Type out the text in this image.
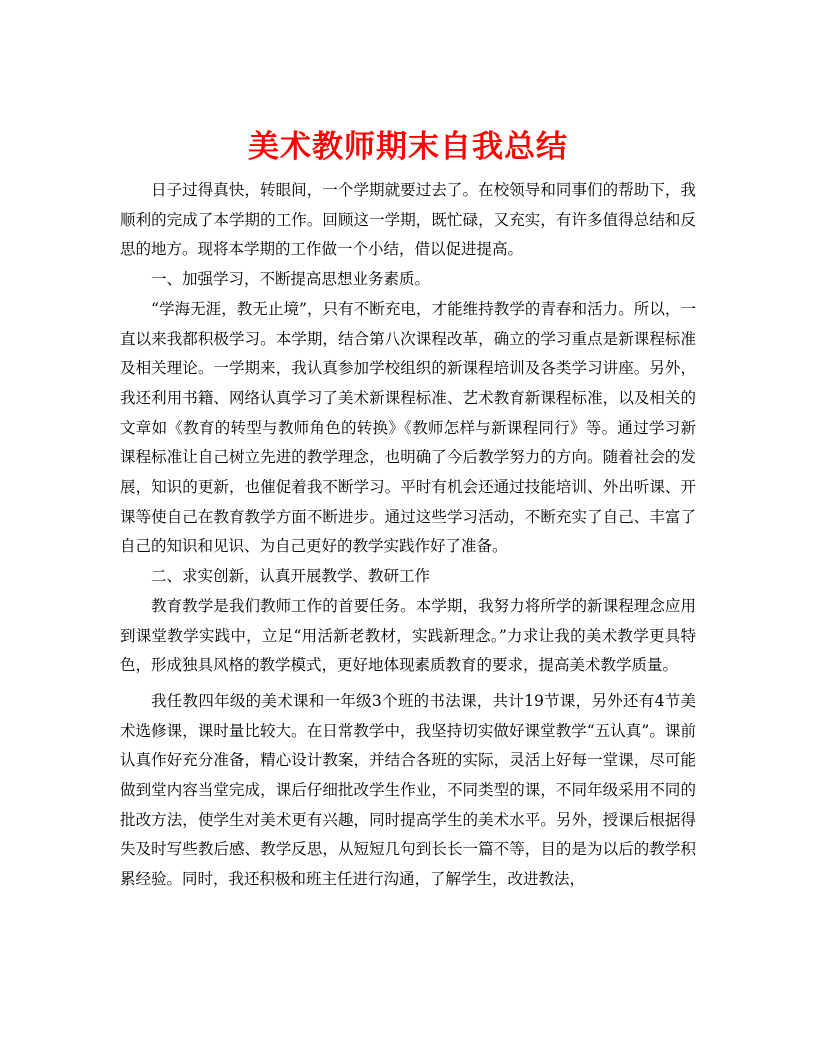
美术教师期末自我总结

日子过得真快，转眼间，一个学期就要过去了。在校领导和同事们的帮助下，我顺利的完成了本学期的工作。回顾这一学期，既忙碌，又充实，有许多值得总结和反思的地方。现将本学期的工作做一个小结，借以促进提高。

一、加强学习，不断提高思想业务素质。

“学海无涯，教无止境”，只有不断充电，才能维持教学的青春和活力。所以，一直以来我都积极学习。本学期，结合第八次课程改革，确立的学习重点是新课程标准及相关理论。一学期来，我认真参加学校组织的新课程培训及各类学习讲座。另外，我还利用书籍、网络认真学习了美术新课程标准、艺术教育新课程标准，以及相关的文章如《教育的转型与教师角色的转换》《教师怎样与新课程同行》等。通过学习新课程标准让自己树立先进的教学理念，也明确了今后教学努力的方向。随着社会的发展，知识的更新，也催促着我不断学习。平时有机会还通过技能培训、外出听课、开课等使自己在教育教学方面不断进步。通过这些学习活动，不断充实了自己、丰富了自己的知识和见识、为自己更好的教学实践作好了准备。

二、求实创新，认真开展教学、教研工作

教育教学是我们教师工作的首要任务。本学期，我努力将所学的新课程理念应用到课堂教学实践中，立足“用活新老教材，实践新理念。”力求让我的美术教学更具特色，形成独具风格的教学模式，更好地体现素质教育的要求，提高美术教学质量。

我任教四年级的美术课和一年级3个班的书法课，共计19节课，另外还有4节美术选修课，课时量比较大。在日常教学中，我坚持切实做好课堂教学“五认真”。课前认真作好充分准备，精心设计教案，并结合各班的实际，灵活上好每一堂课，尽可能做到堂内容当堂完成，课后仔细批改学生作业，不同类型的课，不同年级采用不同的批改方法，使学生对美术更有兴趣，同时提高学生的美术水平。另外，授课后根据得失及时写些教后感、教学反思，从短短几句到长长一篇不等，目的是为以后的教学积累经验。同时，我还积极和班主任进行沟通，了解学生，改进教法，
